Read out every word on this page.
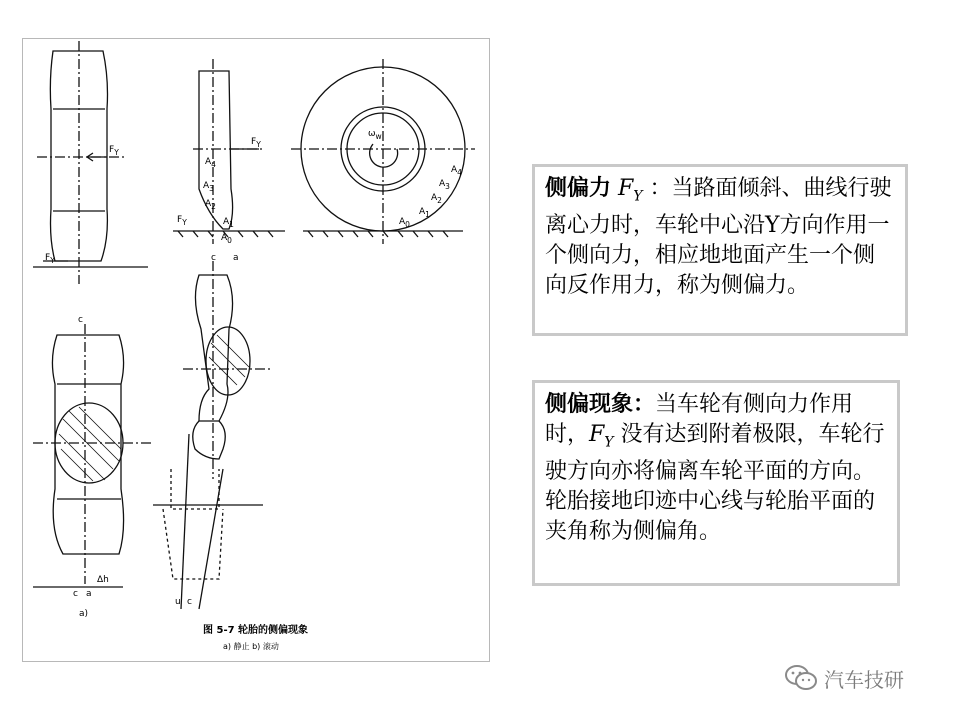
$F_Y$
$F_Y$
$F_Y$
$F_Y$
$A_0$
$A_1$
$A_2$
$A_3$
$A_4$
$A_0$
$A_1$
$A_2$
$A_3$
$A_4$
$\omega_w$
c
c a
Δh
c a
u c
a)
图 5-7 轮胎的侧偏现象
a) 静止 b) 滚动
侧偏力 $F_Y$ ：当路面倾斜、曲线行驶离心力时，车轮中心沿Y方向作用一个侧向力，相应地地面产生一个侧向反作用力，称为侧偏力。
侧偏现象：当车轮有侧向力作用时，$F_Y$ 没有达到附着极限，车轮行驶方向亦将偏离车轮平面的方向。轮胎接地印迹中心线与轮胎平面的夹角称为侧偏角。
汽车技研
